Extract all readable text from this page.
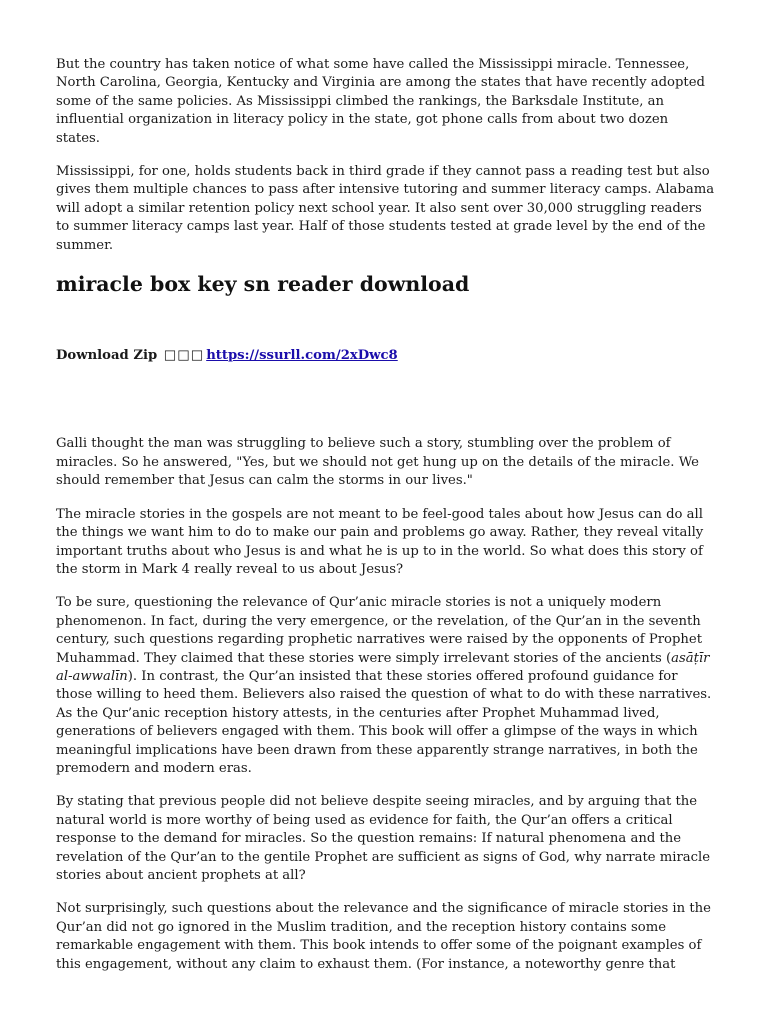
But the country has taken notice of what some have called the Mississippi miracle. Tennessee, North Carolina, Georgia, Kentucky and Virginia are among the states that have recently adopted some of the same policies. As Mississippi climbed the rankings, the Barksdale Institute, an influential organization in literacy policy in the state, got phone calls from about two dozen states.

Mississippi, for one, holds students back in third grade if they cannot pass a reading test but also gives them multiple chances to pass after intensive tutoring and summer literacy camps. Alabama will adopt a similar retention policy next school year. It also sent over 30,000 struggling readers to summer literacy camps last year. Half of those students tested at grade level by the end of the summer.

miracle box key sn reader download
Download Zip □□□ https://ssurll.com/2xDwc8

Galli thought the man was struggling to believe such a story, stumbling over the problem of miracles. So he answered, "Yes, but we should not get hung up on the details of the miracle. We should remember that Jesus can calm the storms in our lives."

The miracle stories in the gospels are not meant to be feel-good tales about how Jesus can do all the things we want him to do to make our pain and problems go away. Rather, they reveal vitally important truths about who Jesus is and what he is up to in the world. So what does this story of the storm in Mark 4 really reveal to us about Jesus?

To be sure, questioning the relevance of Qur’anic miracle stories is not a uniquely modern phenomenon. In fact, during the very emergence, or the revelation, of the Qur’an in the seventh century, such questions regarding prophetic narratives were raised by the opponents of Prophet Muhammad. They claimed that these stories were simply irrelevant stories of the ancients (asāṭīr al-awwalīn). In contrast, the Qur’an insisted that these stories offered profound guidance for those willing to heed them. Believers also raised the question of what to do with these narratives. As the Qur’anic reception history attests, in the centuries after Prophet Muhammad lived, generations of believers engaged with them. This book will offer a glimpse of the ways in which meaningful implications have been drawn from these apparently strange narratives, in both the premodern and modern eras.

By stating that previous people did not believe despite seeing miracles, and by arguing that the natural world is more worthy of being used as evidence for faith, the Qur’an offers a critical response to the demand for miracles. So the question remains: If natural phenomena and the revelation of the Qur’an to the gentile Prophet are sufficient as signs of God, why narrate miracle stories about ancient prophets at all?

Not surprisingly, such questions about the relevance and the significance of miracle stories in the Qur’an did not go ignored in the Muslim tradition, and the reception history contains some remarkable engagement with them. This book intends to offer some of the poignant examples of this engagement, without any claim to exhaust them. (For instance, a noteworthy genre that
